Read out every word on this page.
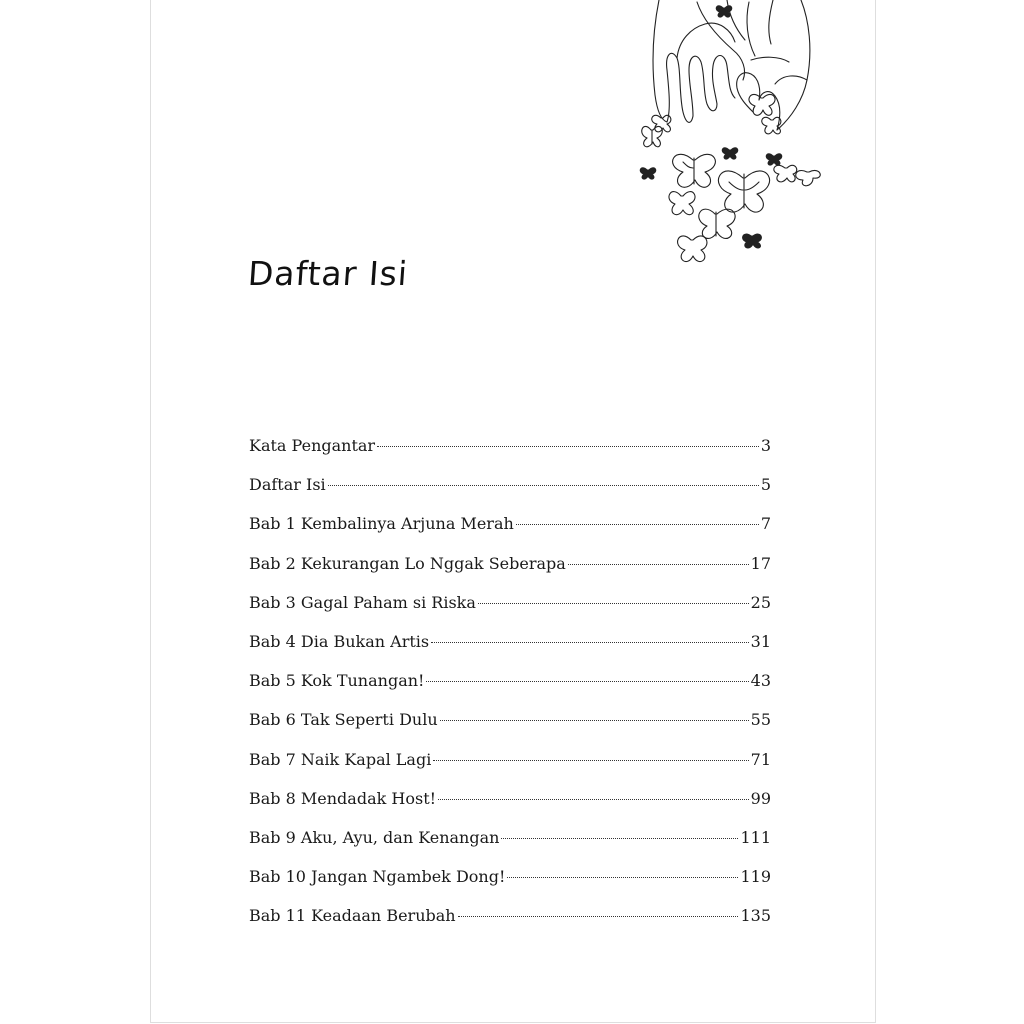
Daftar Isi
Kata Pengantar	3
Daftar Isi	5
Bab 1 Kembalinya Arjuna Merah	7
Bab 2 Kekurangan Lo Nggak Seberapa	17
Bab 3 Gagal Paham si Riska	25
Bab 4 Dia Bukan Artis	31
Bab 5 Kok Tunangan!	43
Bab 6 Tak Seperti Dulu	55
Bab 7 Naik Kapal Lagi	71
Bab 8 Mendadak Host!	99
Bab 9 Aku, Ayu, dan Kenangan	111
Bab 10 Jangan Ngambek Dong!	119
Bab 11 Keadaan Berubah	135
